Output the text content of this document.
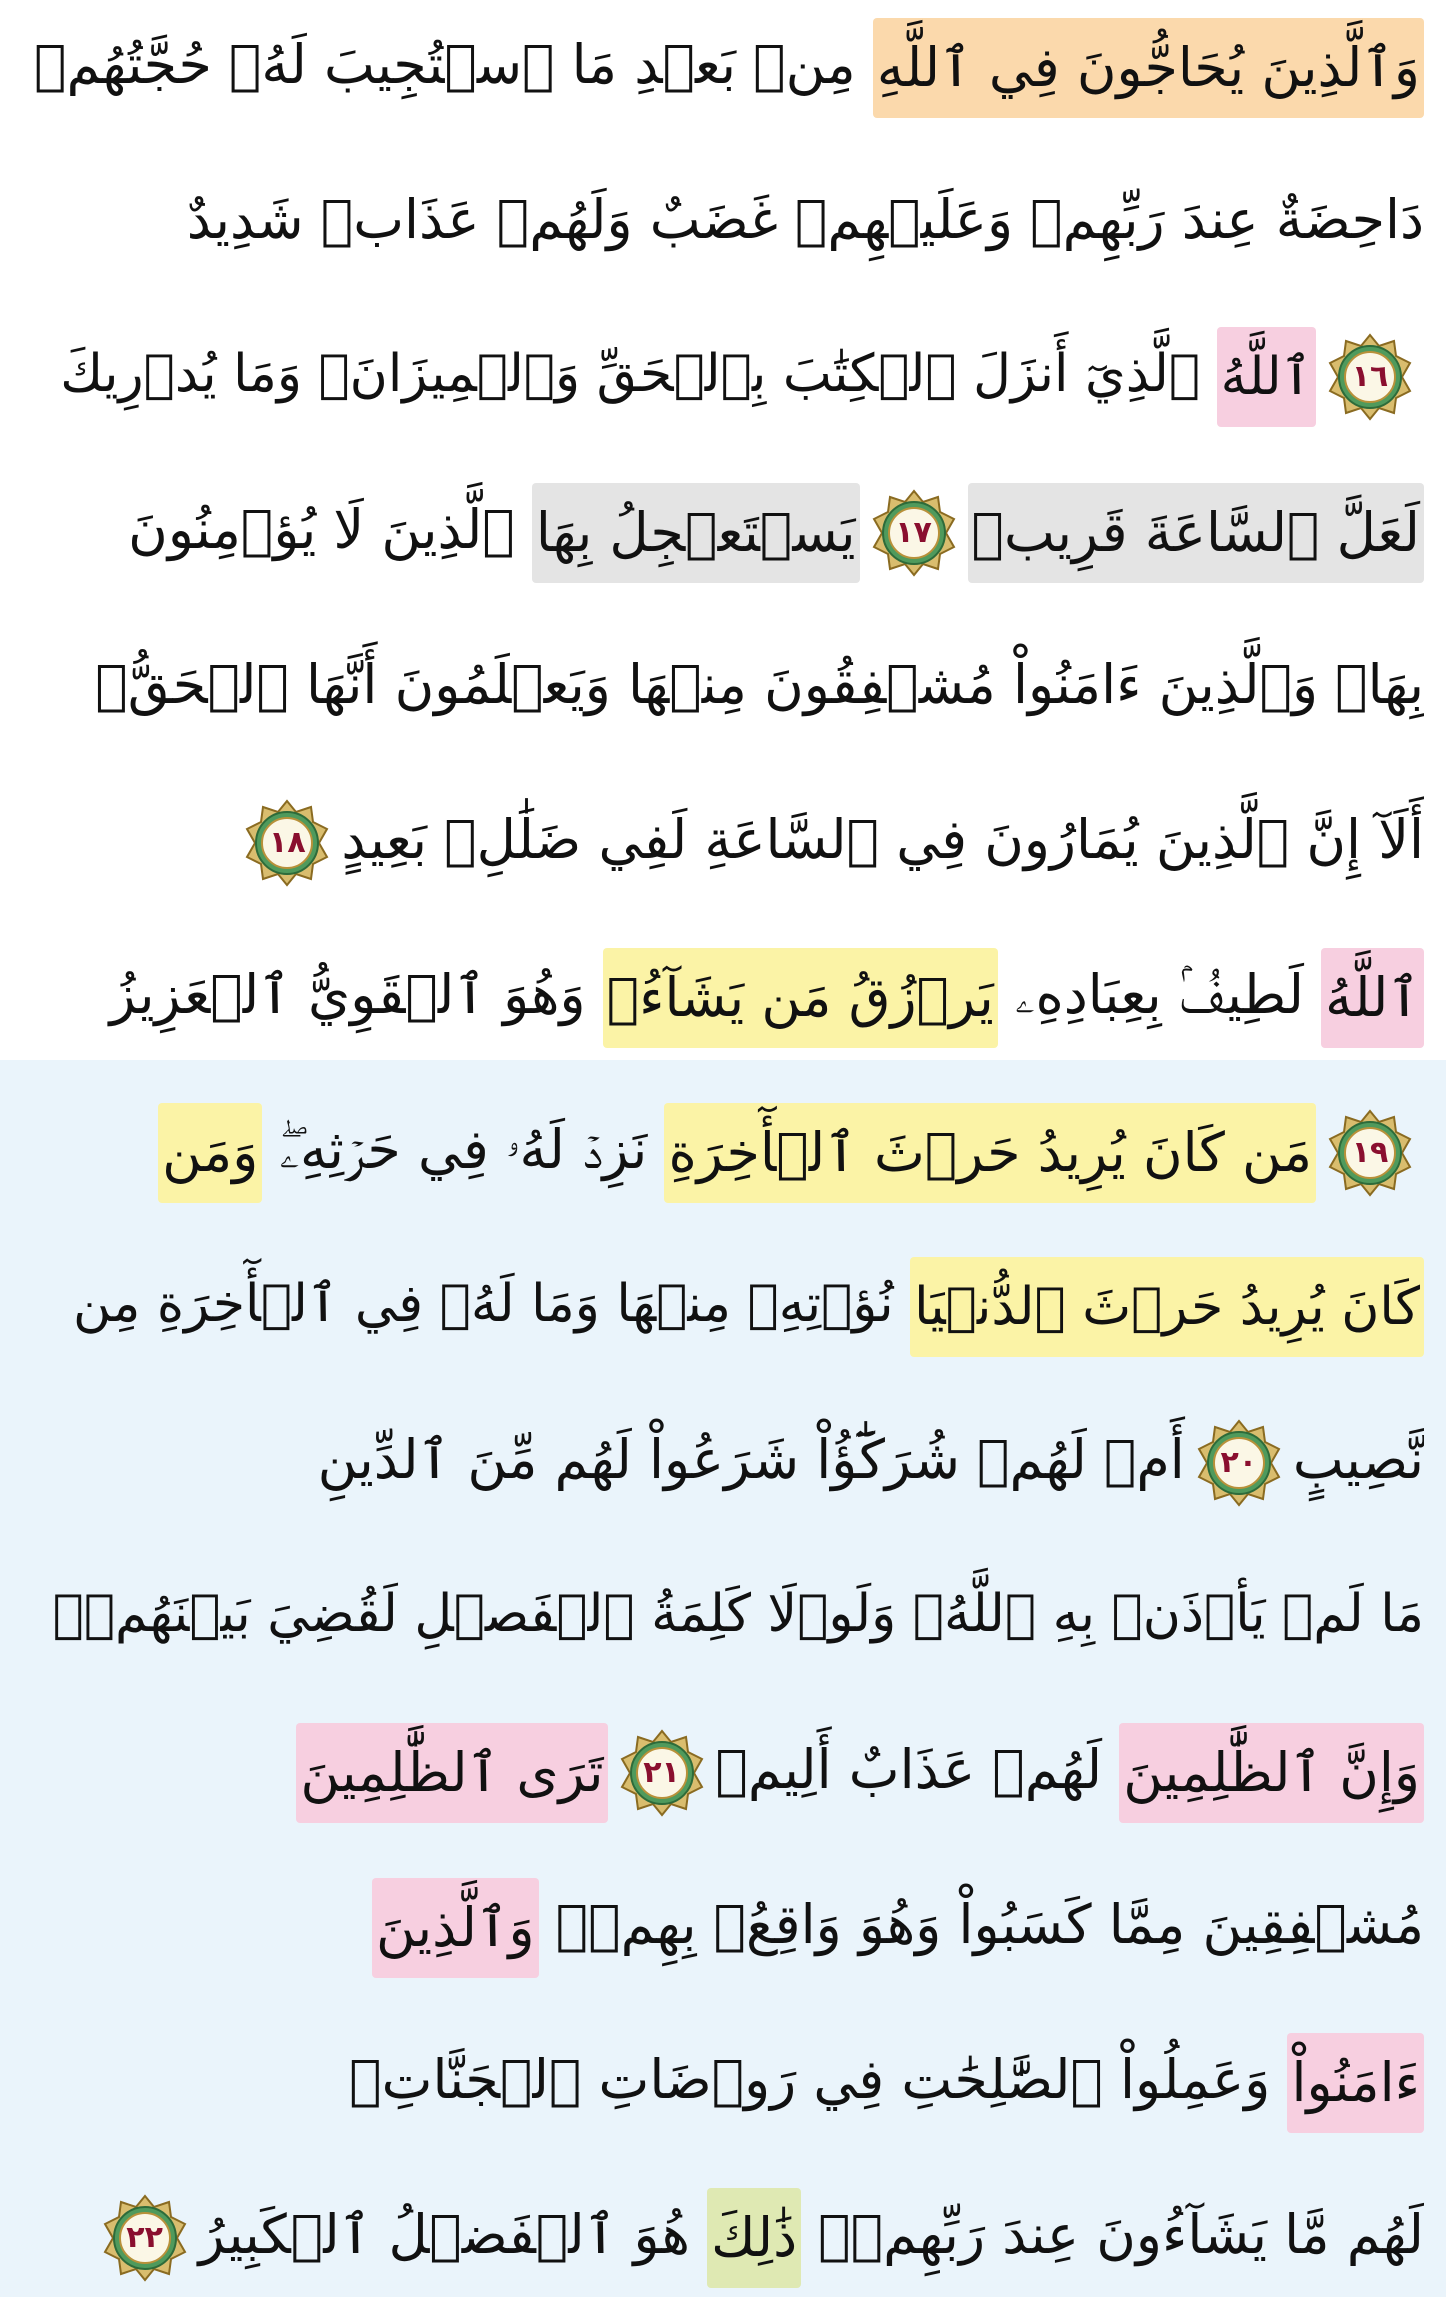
وَٱلَّذِينَ يُحَاجُّونَ فِي ٱللَّهِ مِنۢ بَعۡدِ مَا ٱسۡتُجِيبَ لَهُۥ حُجَّتُهُمۡ
دَاحِضَةٌ عِندَ رَبِّهِمۡ وَعَلَيۡهِمۡ غَضَبٌ وَلَهُمۡ عَذَابٞ شَدِيدٌ
١٦
ٱللَّهُ ٱلَّذِيٓ أَنزَلَ ٱلۡكِتَٰبَ بِٱلۡحَقِّ وَٱلۡمِيزَانَۗ وَمَا يُدۡرِيكَ
لَعَلَّ ٱلسَّاعَةَ قَرِيبٞ
١٧
يَسۡتَعۡجِلُ بِهَا ٱلَّذِينَ لَا يُؤۡمِنُونَ
بِهَاۖ وَٱلَّذِينَ ءَامَنُواْ مُشۡفِقُونَ مِنۡهَا وَيَعۡلَمُونَ أَنَّهَا ٱلۡحَقُّۗ
أَلَآ إِنَّ ٱلَّذِينَ يُمَارُونَ فِي ٱلسَّاعَةِ لَفِي ضَلَٰلِۢ بَعِيدٍ
١٨
ٱللَّهُ لَطِيفُۢ بِعِبَادِهِۦ يَرۡزُقُ مَن يَشَآءُۖ وَهُوَ ٱلۡقَوِيُّ ٱلۡعَزِيزُ
١٩
مَن كَانَ يُرِيدُ حَرۡثَ ٱلۡأٓخِرَةِ نَزِدۡ لَهُۥ فِي حَرۡثِهِۦۖ وَمَن
كَانَ يُرِيدُ حَرۡثَ ٱلدُّنۡيَا نُؤۡتِهِۦ مِنۡهَا وَمَا لَهُۥ فِي ٱلۡأٓخِرَةِ مِن
نَّصِيبٍ
٢٠
أَمۡ لَهُمۡ شُرَكَٰٓؤُاْ شَرَعُواْ لَهُم مِّنَ ٱلدِّينِ
مَا لَمۡ يَأۡذَنۢ بِهِ ٱللَّهُۚ وَلَوۡلَا كَلِمَةُ ٱلۡفَصۡلِ لَقُضِيَ بَيۡنَهُمۡۗ
وَإِنَّ ٱلظَّٰلِمِينَ لَهُمۡ عَذَابٌ أَلِيمٞ
٢١
تَرَى ٱلظَّٰلِمِينَ
مُشۡفِقِينَ مِمَّا كَسَبُواْ وَهُوَ وَاقِعُۢ بِهِمۡۗ وَٱلَّذِينَ
ءَامَنُواْ وَعَمِلُواْ ٱلصَّٰلِحَٰتِ فِي رَوۡضَاتِ ٱلۡجَنَّاتِۖ
لَهُم مَّا يَشَآءُونَ عِندَ رَبِّهِمۡۚ ذَٰلِكَ هُوَ ٱلۡفَضۡلُ ٱلۡكَبِيرُ
٢٢
